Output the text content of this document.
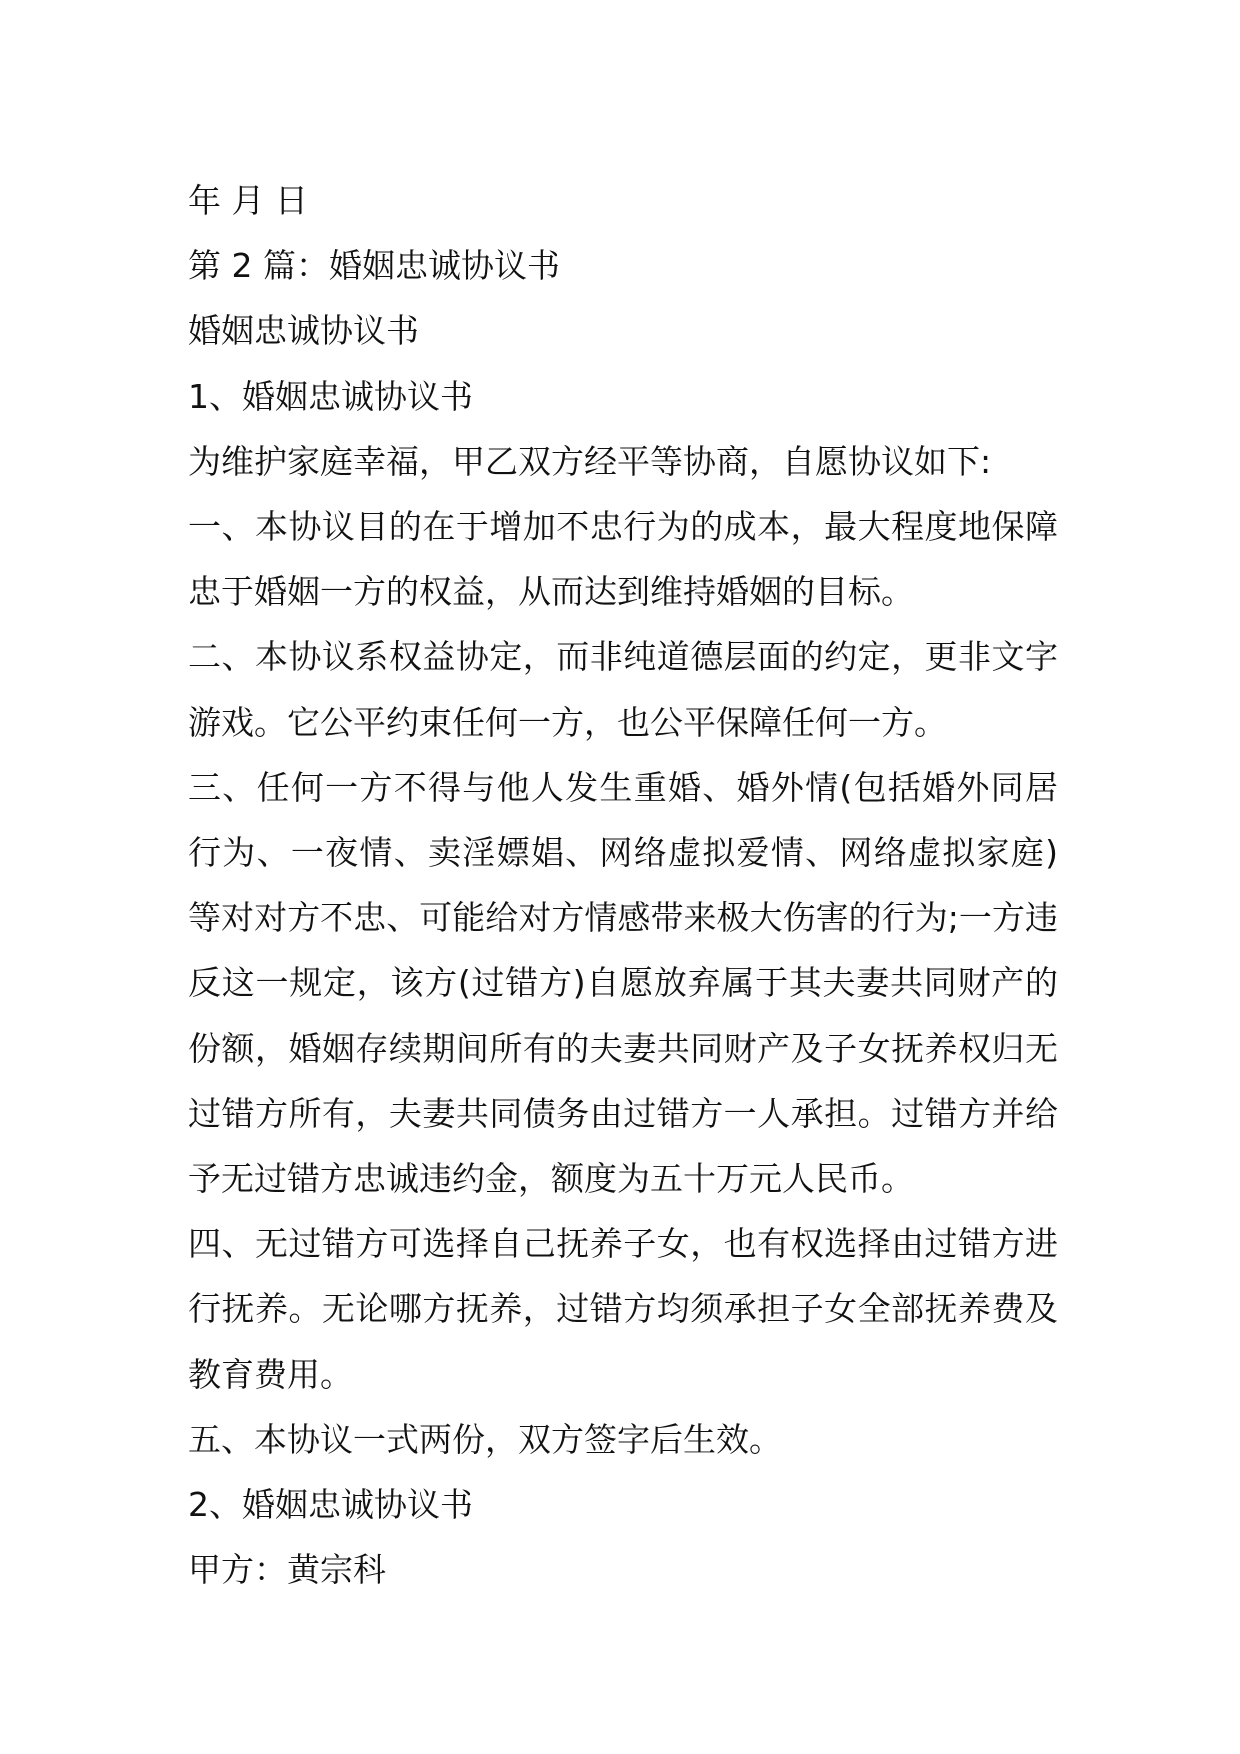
年 月 日
第 2 篇：婚姻忠诚协议书
婚姻忠诚协议书
1、婚姻忠诚协议书
为维护家庭幸福，甲乙双方经平等协商，自愿协议如下:
一、本协议目的在于增加不忠行为的成本，最大程度地保障忠于婚姻一方的权益，从而达到维持婚姻的目标。
二、本协议系权益协定，而非纯道德层面的约定，更非文字游戏。它公平约束任何一方，也公平保障任何一方。
三、任何一方不得与他人发生重婚、婚外情(包括婚外同居行为、一夜情、卖淫嫖娼、网络虚拟爱情、网络虚拟家庭)等对对方不忠、可能给对方情感带来极大伤害的行为;一方违反这一规定，该方(过错方)自愿放弃属于其夫妻共同财产的份额，婚姻存续期间所有的夫妻共同财产及子女抚养权归无过错方所有，夫妻共同债务由过错方一人承担。过错方并给予无过错方忠诚违约金，额度为五十万元人民币。
四、无过错方可选择自己抚养子女，也有权选择由过错方进行抚养。无论哪方抚养，过错方均须承担子女全部抚养费及教育费用。
五、本协议一式两份，双方签字后生效。
2、婚姻忠诚协议书
甲方：黄宗科
